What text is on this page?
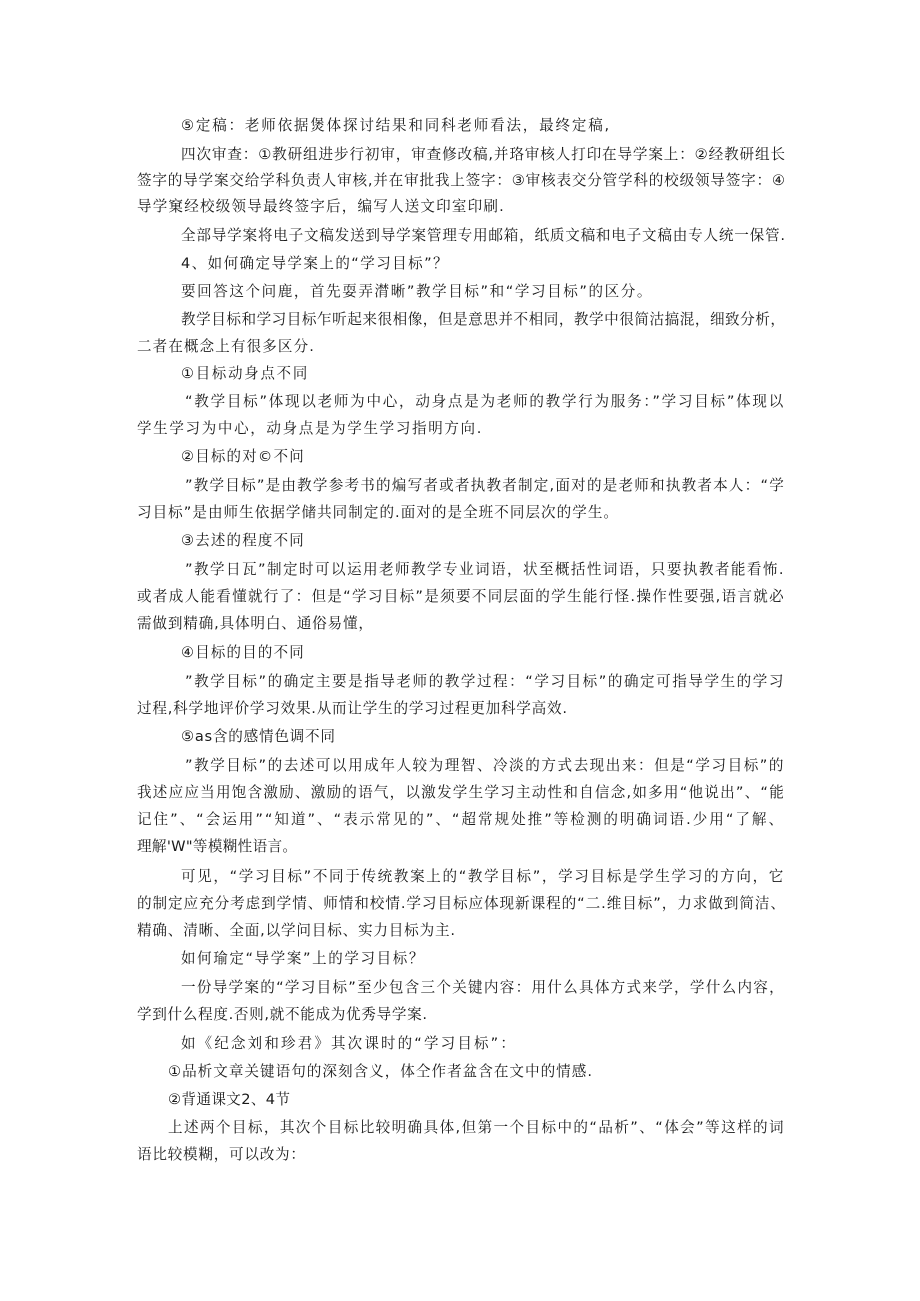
⑤定稿：老师依据煲体探讨结果和同科老师看法，最终定稿,
四次审查：①教研组进步行初审，审查修改稿,并珞审核人打印在导学案上：②经教研组长
签字的导学案交给学科负责人审核,并在审批我上签字：③审核表交分管学科的校级领导签字：④
导学窠经校级领导最终签字后，编写人送文印室印刷.
全部导学案将电子文稿发送到导学案管理专用邮箱，纸质文稿和电子文稿由专人统一保管.
4、如何确定导学案上的“学习目标”？
要回答这个问鹿，首先耍弄潸晰”教学目标”和“学习目标”的区分。
教学目标和学习目标乍听起来很相像，但是意思并不相同，教学中很简沽搞混，细致分析，
二者在概念上有很多区分.
①目标动身点不同
“教学目标”体现以老师为中心，动身点是为老师的教学行为服务：”学习目标”体现以
学生学习为中心，动身点是为学生学习指明方向.
②目标的对©不问
”教学目标”是由教学参考书的煸写者或者执教者制定,面对的是老师和执教者本人：“学
习目标”是由师生依据学储共同制定的.面对的是全班不同层次的学生。
③去述的程度不同
”教学日瓦”制定时可以运用老师教学专业词语，状至概括性词语，只要执教者能看怖.
或者成人能看懂就行了：但是“学习目标”是须要不同层面的学生能行怪.操作性要强,语言就必
需做到精确,具体明白、通俗易懂，
④目标的目的不同
”教学目标”的确定主要是指导老师的教学过程：“学习目标”的确定可指导学生的学习
过程,科学地评价学习效果.从而让学生的学习过程更加科学高效.
⑤as含的感情色调不同
”教学目标”的去述可以用成年人较为理智、冷淡的方式去现出来：但是“学习目标”的
我述应应当用饱含激励、激励的语气，以激发学生学习主动性和自信念,如多用“他说出”、“能
记住”、“会运用”“知道”、“表示常见的”、“超常规处推”等检测的明确词语.少用“了解、
理解'W"等模糊性语言。
可见，“学习目标”不同于传统教案上的“教学目标”，学习目标是学生学习的方向，它
的制定应充分考虑到学情、师情和校情.学习目标应体现新课程的“二.维目标”，力求做到简洁、
精确、清晰、全面,以学问目标、实力目标为主.
如何瑜定“导学案”上的学习目标？
一份导学案的“学习目标”至少包含三个关键内容：用什么具体方式来学，学什么内容，
学到什么程度.否则,就不能成为优秀导学案.
如《纪念刘和珍君》其次课时的“学习目标”：
①品析文章关键语句的深刻含义，体仝作者盆含在文中的情感.
②背通课文2、4节
上述两个目标，其次个目标比较明确具体,但第一个目标中的“品析”、“体会”等这样的词
语比较模糊，可以改为：
